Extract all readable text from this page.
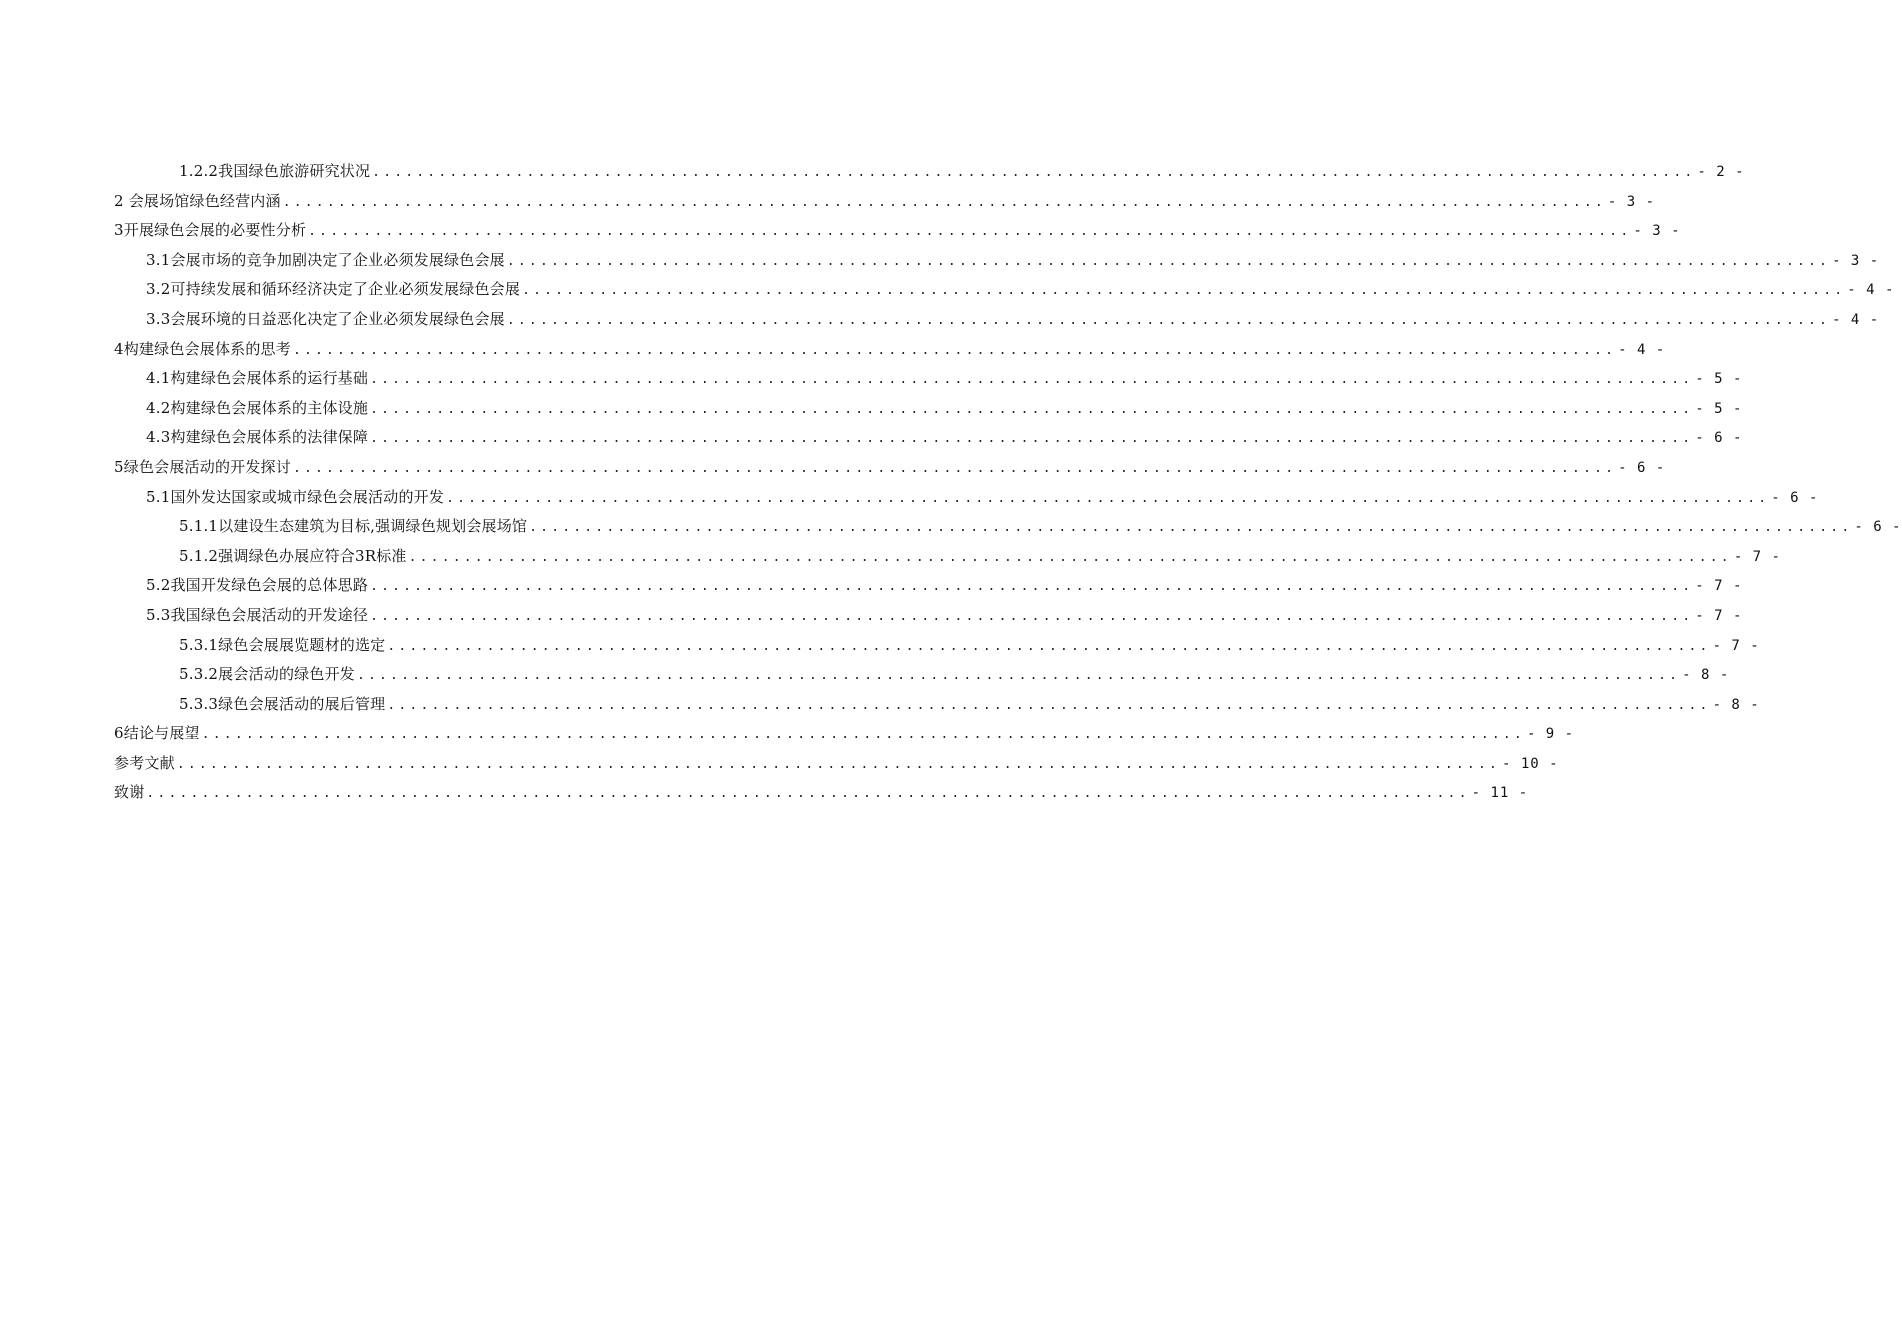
1.2.2我国绿色旅游研究状况 ........................................................................................................................ - 2 -
2 会展场馆绿色经营内涵 ........................................................................................................................ - 3 -
3开展绿色会展的必要性分析 ........................................................................................................................ - 3 -
3.1会展市场的竞争加剧决定了企业必须发展绿色会展 ........................................................................................................................ - 3 -
3.2可持续发展和循环经济决定了企业必须发展绿色会展 ........................................................................................................................ - 4 -
3.3会展环境的日益恶化决定了企业必须发展绿色会展 ........................................................................................................................ - 4 -
4构建绿色会展体系的思考 ........................................................................................................................ - 4 -
4.1构建绿色会展体系的运行基础 ........................................................................................................................ - 5 -
4.2构建绿色会展体系的主体设施 ........................................................................................................................ - 5 -
4.3构建绿色会展体系的法律保障 ........................................................................................................................ - 6 -
5绿色会展活动的开发探讨 ........................................................................................................................ - 6 -
5.1国外发达国家或城市绿色会展活动的开发 ........................................................................................................................ - 6 -
5.1.1以建设生态建筑为目标,强调绿色规划会展场馆 ........................................................................................................................ - 6 -
5.1.2强调绿色办展应符合3R标准 ........................................................................................................................ - 7 -
5.2我国开发绿色会展的总体思路 ........................................................................................................................ - 7 -
5.3我国绿色会展活动的开发途径 ........................................................................................................................ - 7 -
5.3.1绿色会展展览题材的选定 ........................................................................................................................ - 7 -
5.3.2展会活动的绿色开发 ........................................................................................................................ - 8 -
5.3.3绿色会展活动的展后管理 ........................................................................................................................ - 8 -
6结论与展望 ........................................................................................................................ - 9 -
参考文献 ........................................................................................................................ - 10 -
致谢 ........................................................................................................................ - 11 -
